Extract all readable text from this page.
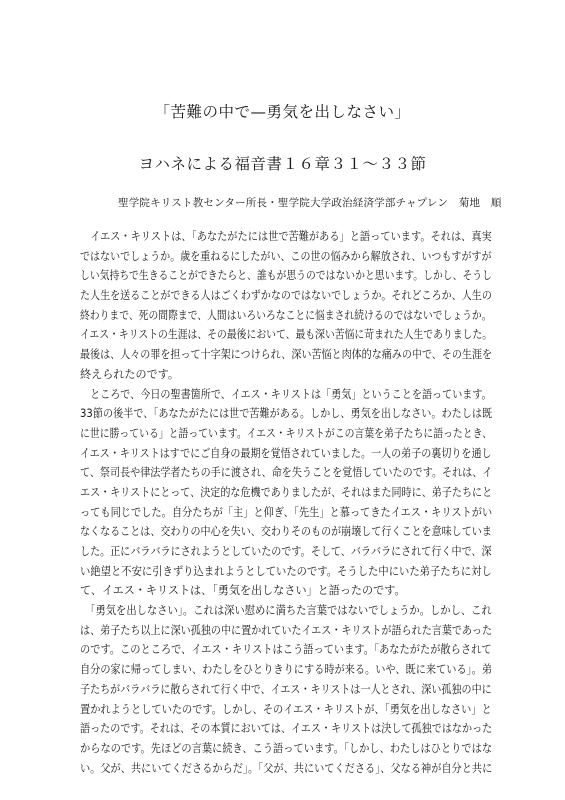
「苦難の中で—勇気を出しなさい」
ヨハネによる福音書１６章３１〜３３節
聖学院キリスト教センター所長・聖学院大学政治経済学部チャプレン　菊地　順
　イエス・キリストは、「あなたがたには世で苦難がある」と語っています。それは、真実
ではないでしょうか。歳を重ねるにしたがい、この世の悩みから解放され、いつもすがすが
しい気持ちで生きることができたらと、誰もが思うのではないかと思います。しかし、そうし
た人生を送ることができる人はごくわずかなのではないでしょうか。それどころか、人生の
終わりまで、死の間際まで、人間はいろいろなことに悩まされ続けるのではないでしょうか。
イエス・キリストの生涯は、その最後において、最も深い苦悩に苛まれた人生でありました。
最後は、人々の罪を担って十字架につけられ、深い苦悩と肉体的な痛みの中で、その生涯を
終えられたのです。
　ところで、今日の聖書箇所で、イエス・キリストは「勇気」ということを語っています。
33節の後半で、「あなたがたには世で苦難がある。しかし、勇気を出しなさい。わたしは既
に世に勝っている」と語っています。イエス・キリストがこの言葉を弟子たちに語ったとき、
イエス・キリストはすでにご自身の最期を覚悟されていました。一人の弟子の裏切りを通し
て、祭司長や律法学者たちの手に渡され、命を失うことを覚悟していたのです。それは、イ
エス・キリストにとって、決定的な危機でありましたが、それはまた同時に、弟子たちにと
っても同じでした。自分たちが「主」と仰ぎ、「先生」と慕ってきたイエス・キリストがい
なくなることは、交わりの中心を失い、交わりそのものが崩壊して行くことを意味していま
した。正にバラバラにされようとしていたのです。そして、バラバラにされて行く中で、深
い絶望と不安に引きずり込まれようとしていたのです。そうした中にいた弟子たちに対し
て、イエス・キリストは、「勇気を出しなさい」と語ったのです。
　「勇気を出しなさい」。これは深い慰めに満ちた言葉ではないでしょうか。しかし、これ
は、弟子たち以上に深い孤独の中に置かれていたイエス・キリストが語られた言葉であった
のです。このところで、イエス・キリストはこう語っています。「あなたがたが散らされて
自分の家に帰ってしまい、わたしをひとりきりにする時が来る。いや、既に来ている」。弟
子たちがバラバラに散らされて行く中で、イエス・キリストは一人とされ、深い孤独の中に
置かれようとしていたのです。しかし、そのイエス・キリストが、「勇気を出しなさい」と
語ったのです。それは、その本質においては、イエス・キリストは決して孤独ではなかった
からなのです。先ほどの言葉に続き、こう語っています。「しかし、わたしはひとりではな
い。父が、共にいてくださるからだ」。「父が、共にいてくださる」、父なる神が自分と共に
